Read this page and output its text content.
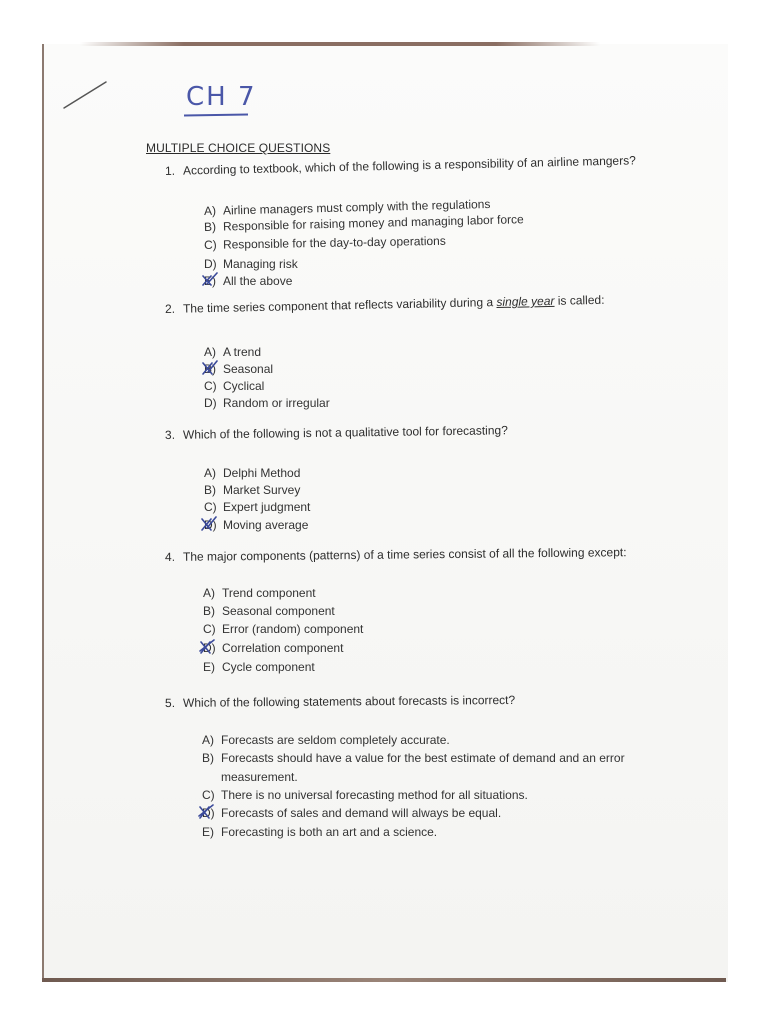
CH 7
MULTIPLE CHOICE QUESTIONS
1. According to textbook, which of the following is a responsibility of an airline mangers?
A) Airline managers must comply with the regulations
B) Responsible for raising money and managing labor force
C) Responsible for the day-to-day operations
D) Managing risk
E) All the above
2. The time series component that reflects variability during a single year is called:
A) A trend
B) Seasonal
C) Cyclical
D) Random or irregular
3. Which of the following is not a qualitative tool for forecasting?
A) Delphi Method
B) Market Survey
C) Expert judgment
D) Moving average
4. The major components (patterns) of a time series consist of all the following except:
A) Trend component
B) Seasonal component
C) Error (random) component
D) Correlation component
E) Cycle component
5. Which of the following statements about forecasts is incorrect?
A) Forecasts are seldom completely accurate.
B) Forecasts should have a value for the best estimate of demand and an error
measurement.
C) There is no universal forecasting method for all situations.
D) Forecasts of sales and demand will always be equal.
E) Forecasting is both an art and a science.
